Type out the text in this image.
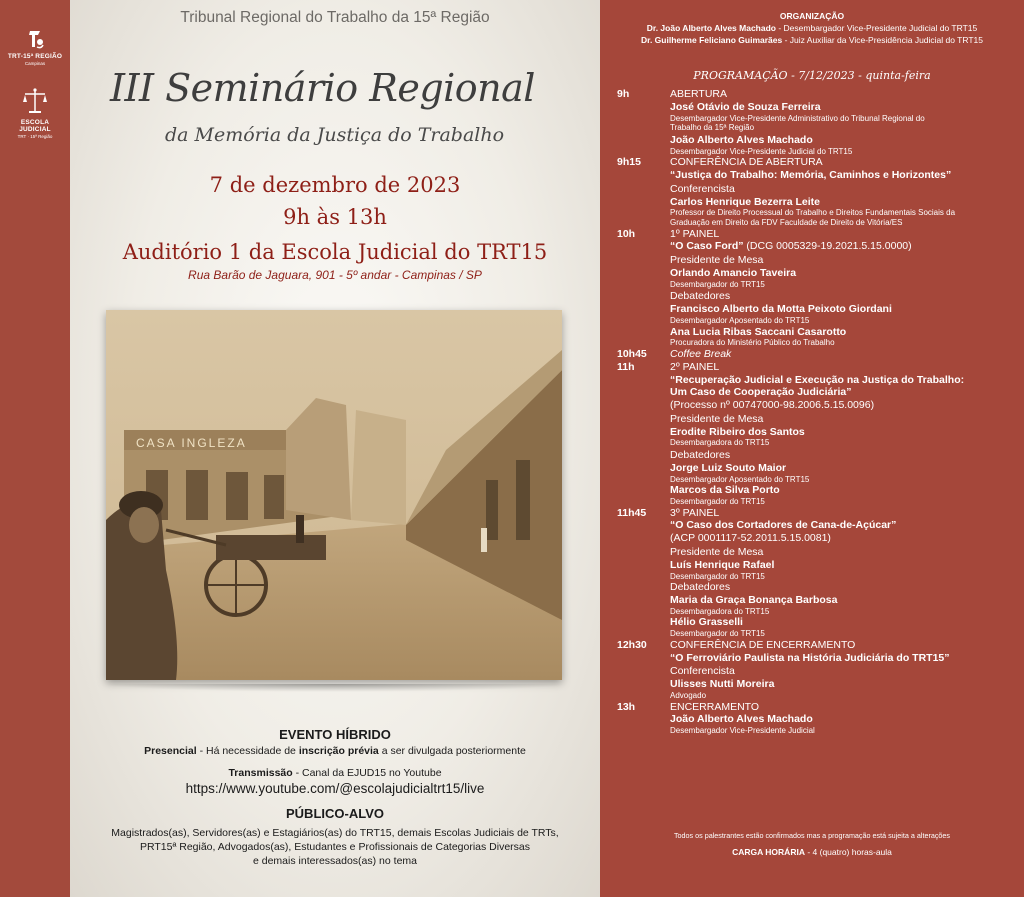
TRT-15ª REGIÃO
Campinas
ESCOLA JUDICIAL
TRT · 15ª Região
Tribunal Regional do Trabalho da 15ª Região
III Seminário Regional
da Memória da Justiça do Trabalho
7 de dezembro de 2023
9h às 13h
Auditório 1 da Escola Judicial do TRT15
Rua Barão de Jaguara, 901 - 5º andar - Campinas / SP
CASA INGLEZA
EVENTO HÍBRIDO
Presencial - Há necessidade de inscrição prévia a ser divulgada posteriormente
Transmissão - Canal da EJUD15 no Youtube
https://www.youtube.com/@escolajudicialtrt15/live
PÚBLICO-ALVO
Magistrados(as), Servidores(as) e Estagiários(as) do TRT15, demais Escolas Judiciais de TRTs,
PRT15ª Região, Advogados(as), Estudantes e Profissionais de Categorias Diversas
e demais interessados(as) no tema
ORGANIZAÇÃO
Dr. João Alberto Alves Machado - Desembargador Vice-Presidente Judicial do TRT15
Dr. Guilherme Feliciano Guimarães - Juiz Auxiliar da Vice-Presidência Judicial do TRT15
PROGRAMAÇÃO - 7/12/2023 - quinta-feira
9h	ABERTURA
José Otávio de Souza Ferreira
Desembargador Vice-Presidente Administrativo do Tribunal Regional do
Trabalho da 15ª Região
João Alberto Alves Machado
Desembargador Vice-Presidente Judicial do TRT15
9h15	CONFERÊNCIA DE ABERTURA
“Justiça do Trabalho: Memória, Caminhos e Horizontes”
Conferencista
Carlos Henrique Bezerra Leite
Professor de Direito Processual do Trabalho e Direitos Fundamentais Sociais da
Graduação em Direito da FDV Faculdade de Direito de Vitória/ES
10h	1º PAINEL
“O Caso Ford” (DCG 0005329-19.2021.5.15.0000)
Presidente de Mesa
Orlando Amancio Taveira
Desembargador do TRT15
Debatedores
Francisco Alberto da Motta Peixoto Giordani
Desembargador Aposentado do TRT15
Ana Lucia Ribas Saccani Casarotto
Procuradora do Ministério Público do Trabalho
10h45	Coffee Break
11h	2º PAINEL
“Recuperação Judicial e Execução na Justiça do Trabalho:
Um Caso de Cooperação Judiciária”
(Processo nº 00747000-98.2006.5.15.0096)
Presidente de Mesa
Erodite Ribeiro dos Santos
Desembargadora do TRT15
Debatedores
Jorge Luiz Souto Maior
Desembargador Aposentado do TRT15
Marcos da Silva Porto
Desembargador do TRT15
11h45	3º PAINEL
“O Caso dos Cortadores de Cana-de-Açúcar”
(ACP 0001117-52.2011.5.15.0081)
Presidente de Mesa
Luís Henrique Rafael
Desembargador do TRT15
Debatedores
Maria da Graça Bonança Barbosa
Desembargadora do TRT15
Hélio Grasselli
Desembargador do TRT15
12h30	CONFERÊNCIA DE ENCERRAMENTO
“O Ferroviário Paulista na História Judiciária do TRT15”
Conferencista
Ulisses Nutti Moreira
Advogado
13h	ENCERRAMENTO
João Alberto Alves Machado
Desembargador Vice-Presidente Judicial
Todos os palestrantes estão confirmados mas a programação está sujeita a alterações
CARGA HORÁRIA - 4 (quatro) horas-aula
